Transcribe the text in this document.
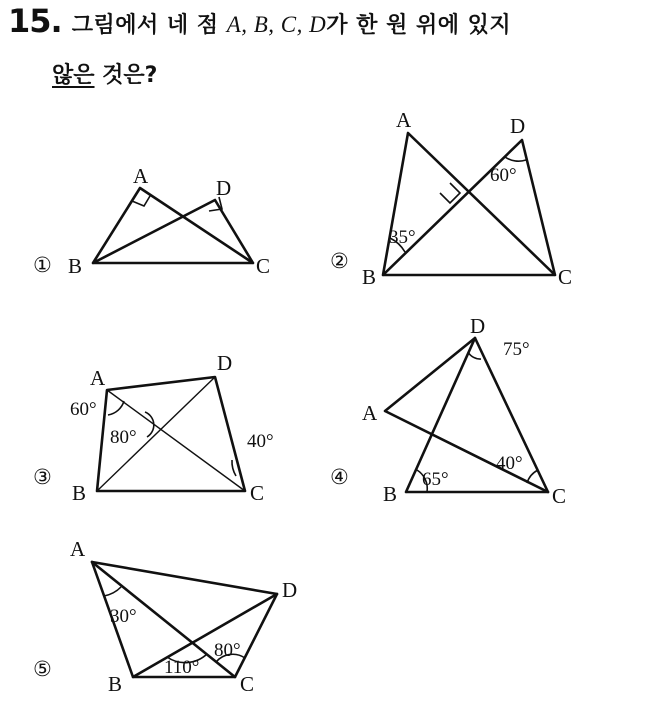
15. 그림에서 네 점 A, B, C, D가 한 원 위에 있지
않은 것은?
①
A	D
B	C	②
A	D
B	C
35°
60°
③
A
D
B	C
60°
80°	40°
④
D
A
B	C
75°
65°
40°
⑤
A
D
B	C
30°
110°
80°
